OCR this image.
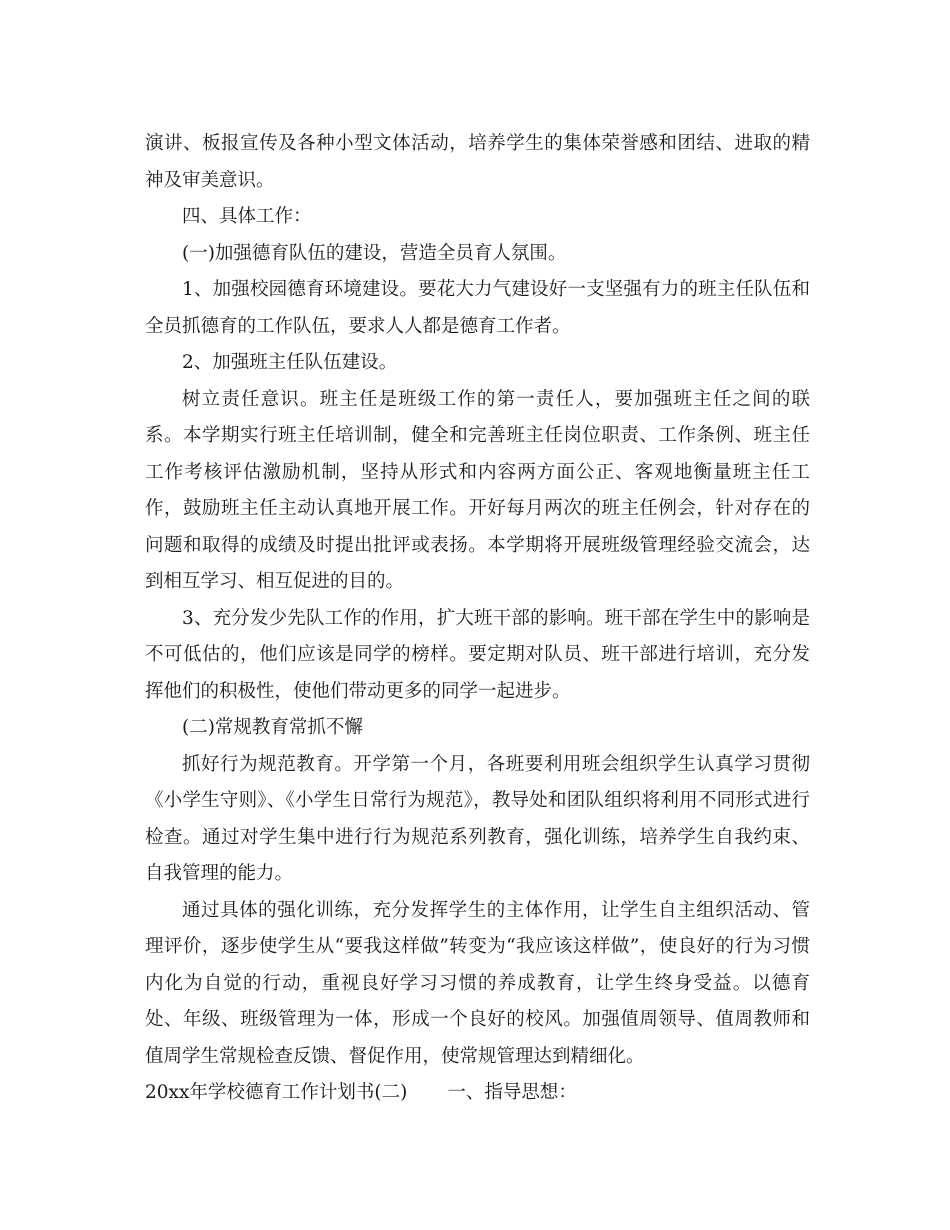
演讲、板报宣传及各种小型文体活动，培养学生的集体荣誉感和团结、进取的精神及审美意识。

四、具体工作：

(一)加强德育队伍的建设，营造全员育人氛围。

1、加强校园德育环境建设。要花大力气建设好一支坚强有力的班主任队伍和全员抓德育的工作队伍，要求人人都是德育工作者。

2、加强班主任队伍建设。

树立责任意识。班主任是班级工作的第一责任人，要加强班主任之间的联系。本学期实行班主任培训制，健全和完善班主任岗位职责、工作条例、班主任工作考核评估激励机制，坚持从形式和内容两方面公正、客观地衡量班主任工作，鼓励班主任主动认真地开展工作。开好每月两次的班主任例会，针对存在的问题和取得的成绩及时提出批评或表扬。本学期将开展班级管理经验交流会，达到相互学习、相互促进的目的。

3、充分发少先队工作的作用，扩大班干部的影响。班干部在学生中的影响是不可低估的，他们应该是同学的榜样。要定期对队员、班干部进行培训，充分发挥他们的积极性，使他们带动更多的同学一起进步。

(二)常规教育常抓不懈

抓好行为规范教育。开学第一个月，各班要利用班会组织学生认真学习贯彻《小学生守则》、《小学生日常行为规范》，教导处和团队组织将利用不同形式进行检查。通过对学生集中进行行为规范系列教育，强化训练，培养学生自我约束、自我管理的能力。

通过具体的强化训练，充分发挥学生的主体作用，让学生自主组织活动、管理评价，逐步使学生从“要我这样做”转变为“我应该这样做”，使良好的行为习惯内化为自觉的行动，重视良好学习习惯的养成教育，让学生终身受益。以德育处、年级、班级管理为一体，形成一个良好的校风。加强值周领导、值周教师和值周学生常规检查反馈、督促作用，使常规管理达到精细化。

20xx年学校德育工作计划书(二) 一、指导思想：
